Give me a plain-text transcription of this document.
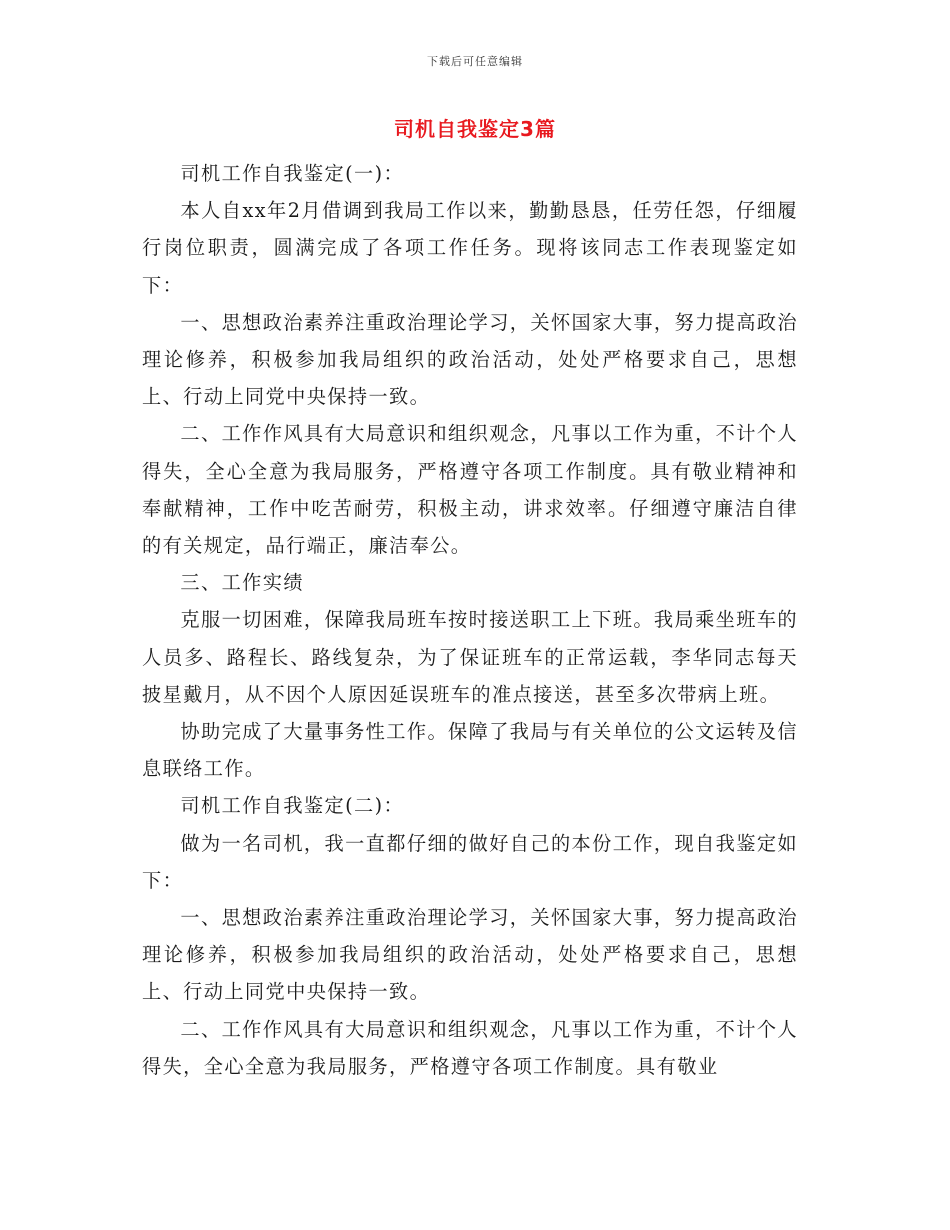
下载后可任意编辑
司机自我鉴定3篇

司机工作自我鉴定(一)：

本人自xx年2月借调到我局工作以来，勤勤恳恳，任劳任怨，仔细履行岗位职责，圆满完成了各项工作任务。现将该同志工作表现鉴定如下：

一、思想政治素养注重政治理论学习，关怀国家大事，努力提高政治理论修养，积极参加我局组织的政治活动，处处严格要求自己，思想上、行动上同党中央保持一致。

二、工作作风具有大局意识和组织观念，凡事以工作为重，不计个人得失，全心全意为我局服务，严格遵守各项工作制度。具有敬业精神和奉献精神，工作中吃苦耐劳，积极主动，讲求效率。仔细遵守廉洁自律的有关规定，品行端正，廉洁奉公。

三、工作实绩

克服一切困难，保障我局班车按时接送职工上下班。我局乘坐班车的人员多、路程长、路线复杂，为了保证班车的正常运载，李华同志每天披星戴月，从不因个人原因延误班车的准点接送，甚至多次带病上班。

协助完成了大量事务性工作。保障了我局与有关单位的公文运转及信息联络工作。

司机工作自我鉴定(二)：

做为一名司机，我一直都仔细的做好自己的本份工作，现自我鉴定如下：

一、思想政治素养注重政治理论学习，关怀国家大事，努力提高政治理论修养，积极参加我局组织的政治活动，处处严格要求自己，思想上、行动上同党中央保持一致。

二、工作作风具有大局意识和组织观念，凡事以工作为重，不计个人得失，全心全意为我局服务，严格遵守各项工作制度。具有敬业
